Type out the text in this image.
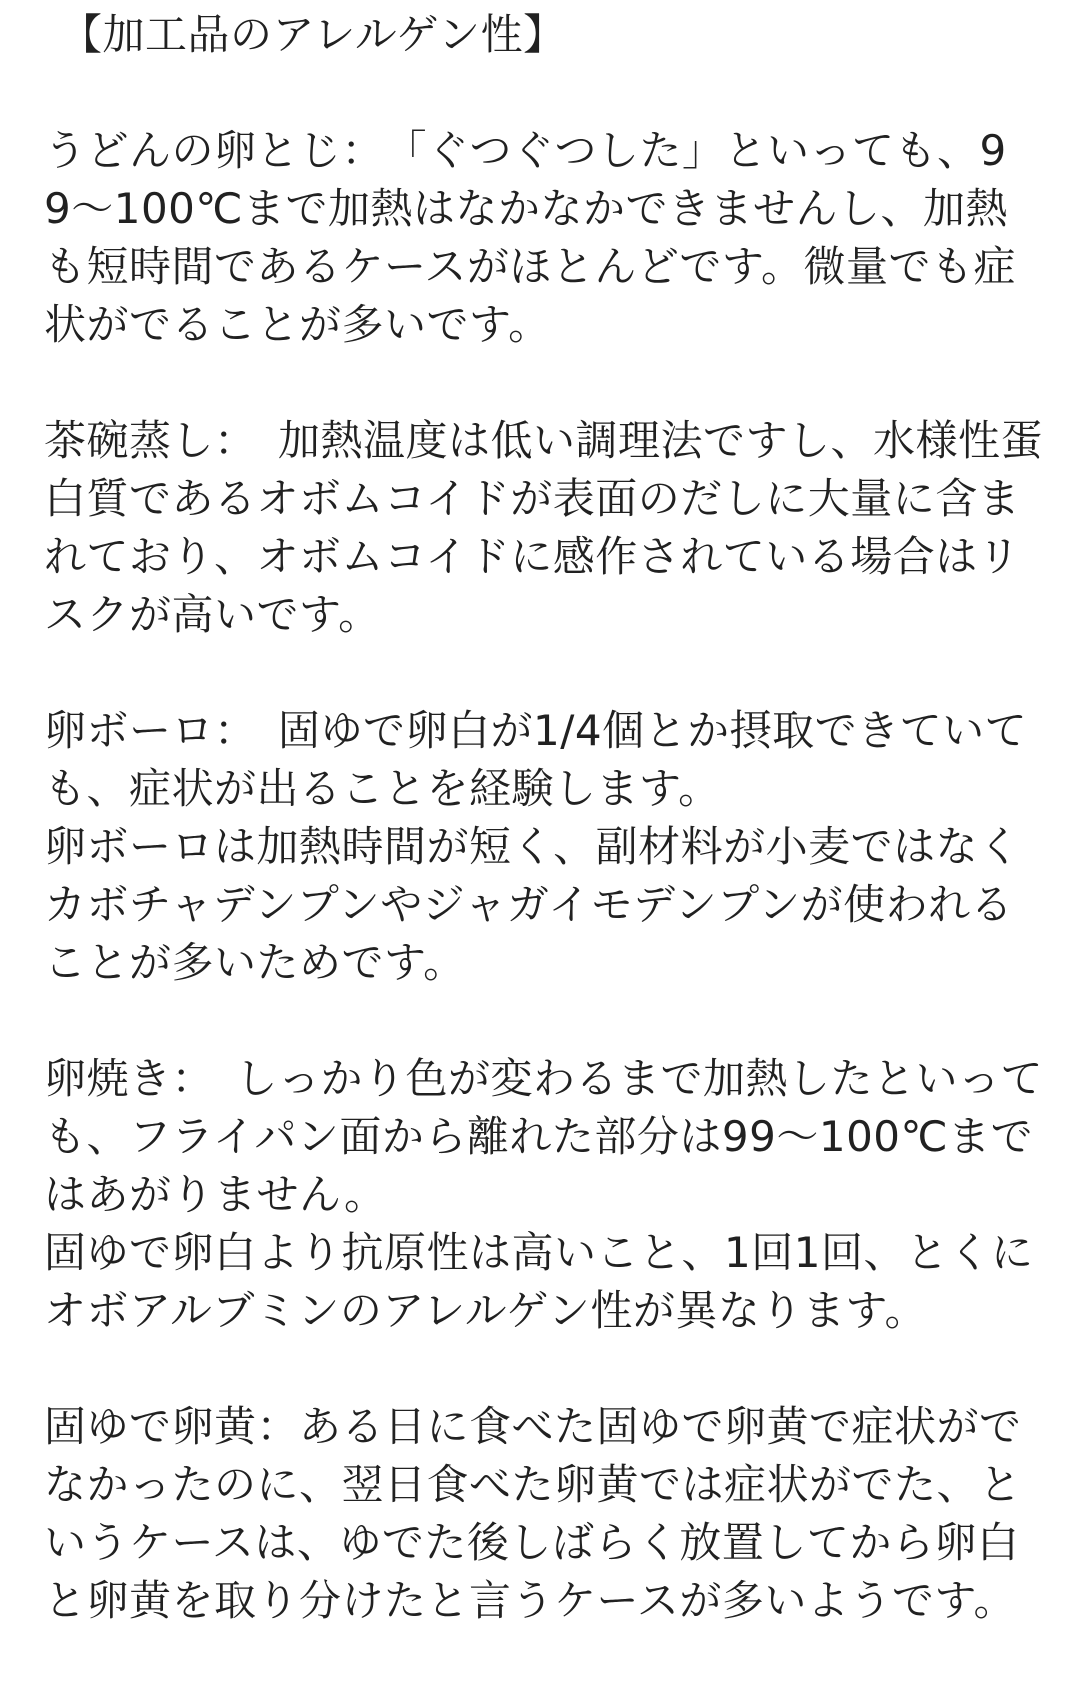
【加工品のアレルゲン性】

うどんの卵とじ：　「ぐつぐつした」といっても、99〜100℃まで加熱はなかなかできませんし、加熱も短時間であるケースがほとんどです。微量でも症状がでることが多いです。

茶碗蒸し：　加熱温度は低い調理法ですし、水様性蛋白質であるオボムコイドが表面のだしに大量に含まれており、オボムコイドに感作されている場合はリスクが高いです。

卵ボーロ：　固ゆで卵白が1/4個とか摂取できていても、症状が出ることを経験します。

卵ボーロは加熱時間が短く、副材料が小麦ではなくカボチャデンプンやジャガイモデンプンが使われることが多いためです。

卵焼き：　しっかり色が変わるまで加熱したといっても、フライパン面から離れた部分は99〜100℃まではあがりません。

固ゆで卵白より抗原性は高いこと、1回1回、とくにオボアルブミンのアレルゲン性が異なります。

固ゆで卵黄：ある日に食べた固ゆで卵黄で症状がでなかったのに、翌日食べた卵黄では症状がでた、というケースは、ゆでた後しばらく放置してから卵白と卵黄を取り分けたと言うケースが多いようです。
